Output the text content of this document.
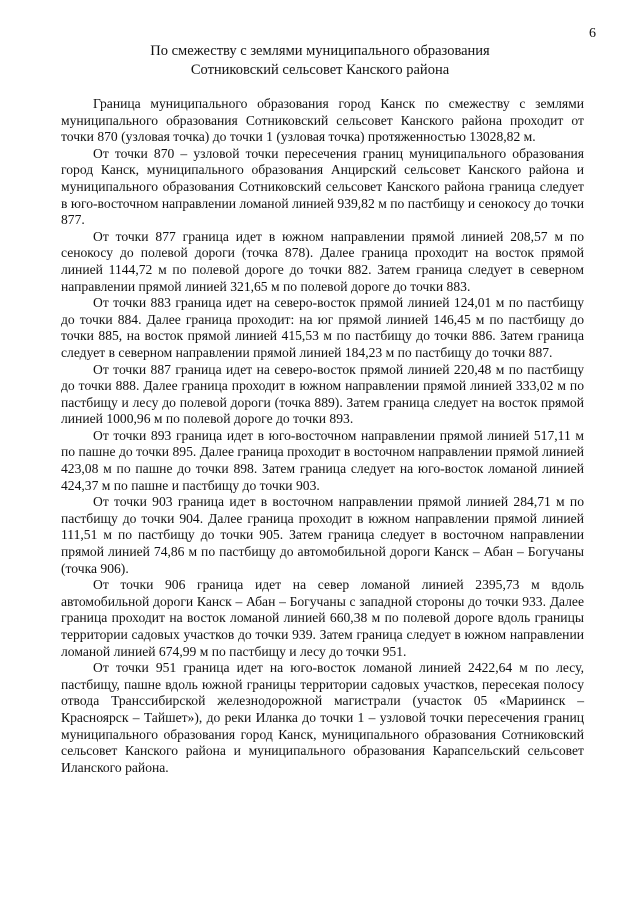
6
По смежеству с землями муниципального образования
Сотниковский сельсовет Канского района

Граница муниципального образования город Канск по смежеству с землями муниципального образования Сотниковский сельсовет Канского района проходит от точки 870 (узловая точка) до точки 1 (узловая точка) протяженностью 13028,82 м.

От точки 870 – узловой точки пересечения границ муниципального образования город Канск, муниципального образования Анцирский сельсовет Канского района и муниципального образования Сотниковский сельсовет Канского района граница следует в юго-восточном направлении ломаной линией 939,82 м по пастбищу и сенокосу до точки 877.

От точки 877 граница идет в южном направлении прямой линией 208,57 м по сенокосу до полевой дороги (точка 878). Далее граница проходит на восток прямой линией 1144,72 м по полевой дороге до точки 882. Затем граница следует в северном направлении прямой линией 321,65 м по полевой дороге до точки 883.

От точки 883 граница идет на северо-восток прямой линией 124,01 м по пастбищу до точки 884. Далее граница проходит: на юг прямой линией 146,45 м по пастбищу до точки 885, на восток прямой линией 415,53 м по пастбищу до точки 886. Затем граница следует в северном направлении прямой линией 184,23 м по пастбищу до точки 887.

От точки 887 граница идет на северо-восток прямой линией 220,48 м по пастбищу до точки 888. Далее граница проходит в южном направлении прямой линией 333,02 м по пастбищу и лесу до полевой дороги (точка 889). Затем граница следует на восток прямой линией 1000,96 м по полевой дороге до точки 893.

От точки 893 граница идет в юго-восточном направлении прямой линией 517,11 м по пашне до точки 895. Далее граница проходит в восточном направлении прямой линией 423,08 м по пашне до точки 898. Затем граница следует на юго-восток ломаной линией 424,37 м по пашне и пастбищу до точки 903.

От точки 903 граница идет в восточном направлении прямой линией 284,71 м по пастбищу до точки 904. Далее граница проходит в южном направлении прямой линией 111,51 м по пастбищу до точки 905. Затем граница следует в восточном направлении прямой линией 74,86 м по пастбищу до автомобильной дороги Канск – Абан – Богучаны (точка 906).

От точки 906 граница идет на север ломаной линией 2395,73 м вдоль автомобильной дороги Канск – Абан – Богучаны с западной стороны до точки 933. Далее граница проходит на восток ломаной линией 660,38 м по полевой дороге вдоль границы территории садовых участков до точки 939. Затем граница следует в южном направлении ломаной линией 674,99 м по пастбищу и лесу до точки 951.

От точки 951 граница идет на юго-восток ломаной линией 2422,64 м по лесу, пастбищу, пашне вдоль южной границы территории садовых участков, пересекая полосу отвода Транссибирской железнодорожной магистрали (участок 05 «Мариинск – Красноярск – Тайшет»), до реки Иланка до точки 1 – узловой точки пересечения границ муниципального образования город Канск, муниципального образования Сотниковский сельсовет Канского района и муниципального образования Карапсельский сельсовет Иланского района.
